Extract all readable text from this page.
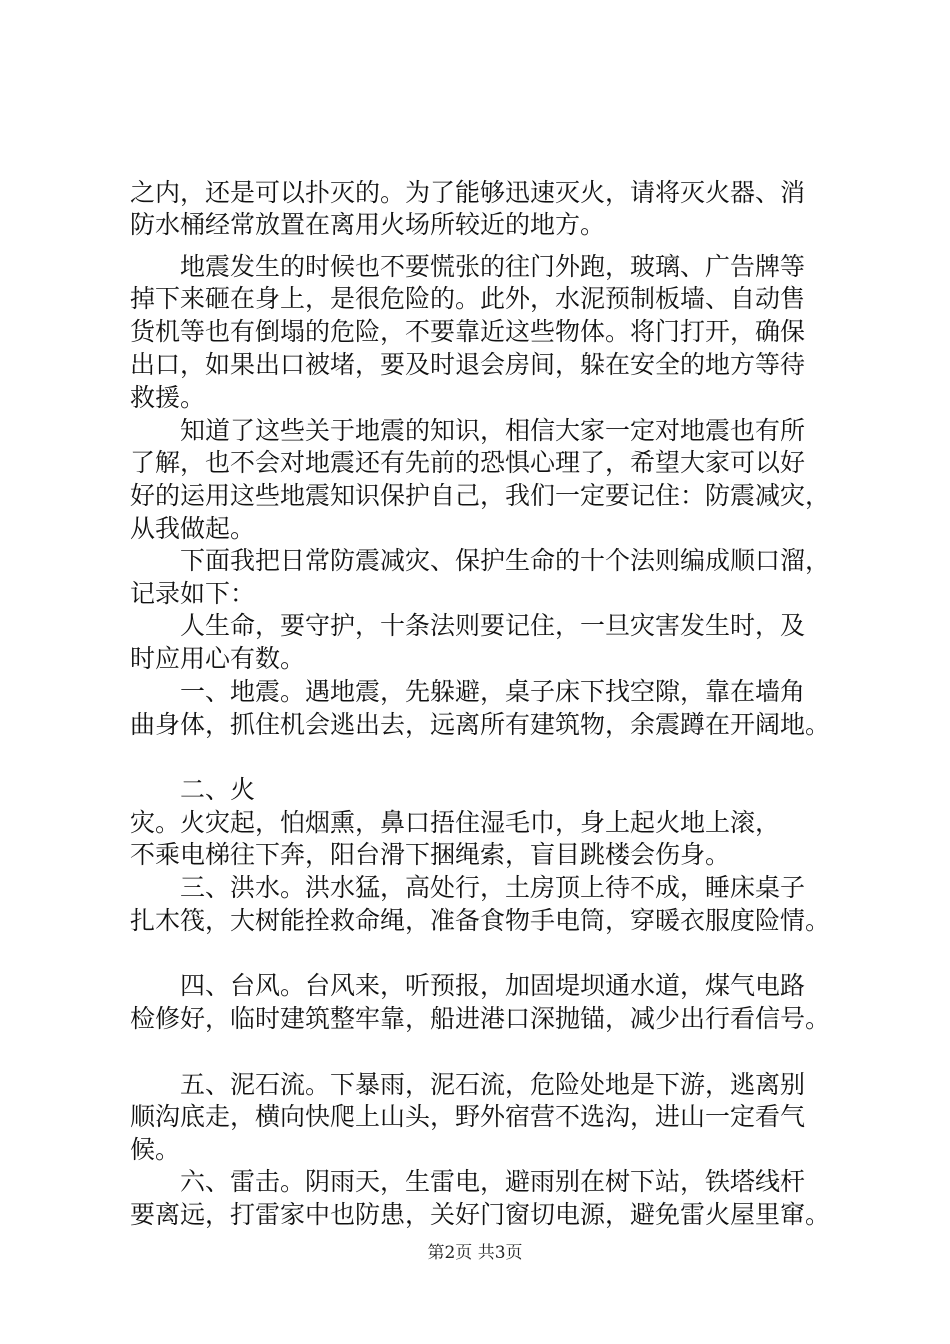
之内，还是可以扑灭的。为了能够迅速灭火，请将灭火器、消
防水桶经常放置在离用火场所较近的地方。
地震发生的时候也不要慌张的往门外跑，玻璃、广告牌等
掉下来砸在身上，是很危险的。此外，水泥预制板墙、自动售
货机等也有倒塌的危险，不要靠近这些物体。将门打开，确保
出口，如果出口被堵，要及时退会房间，躲在安全的地方等待
救援。
知道了这些关于地震的知识，相信大家一定对地震也有所
了解，也不会对地震还有先前的恐惧心理了，希望大家可以好
好的运用这些地震知识保护自己，我们一定要记住：防震减灾，
从我做起。
下面我把日常防震减灾、保护生命的十个法则编成顺口溜，
记录如下：
人生命，要守护，十条法则要记住，一旦灾害发生时，及
时应用心有数。
一、地震。遇地震，先躲避，桌子床下找空隙，靠在墙角
曲身体，抓住机会逃出去，远离所有建筑物，余震蹲在开阔地。
二、火
灾。火灾起，怕烟熏，鼻口捂住湿毛巾，身上起火地上滚，
不乘电梯往下奔，阳台滑下捆绳索，盲目跳楼会伤身。
三、洪水。洪水猛，高处行，土房顶上待不成，睡床桌子
扎木筏，大树能拴救命绳，准备食物手电筒，穿暖衣服度险情。
四、台风。台风来，听预报，加固堤坝通水道，煤气电路
检修好，临时建筑整牢靠，船进港口深抛锚，减少出行看信号。
五、泥石流。下暴雨，泥石流，危险处地是下游，逃离别
顺沟底走，横向快爬上山头，野外宿营不选沟，进山一定看气
候。
六、雷击。阴雨天，生雷电，避雨别在树下站，铁塔线杆
要离远，打雷家中也防患，关好门窗切电源，避免雷火屋里窜。
第2页 共3页
